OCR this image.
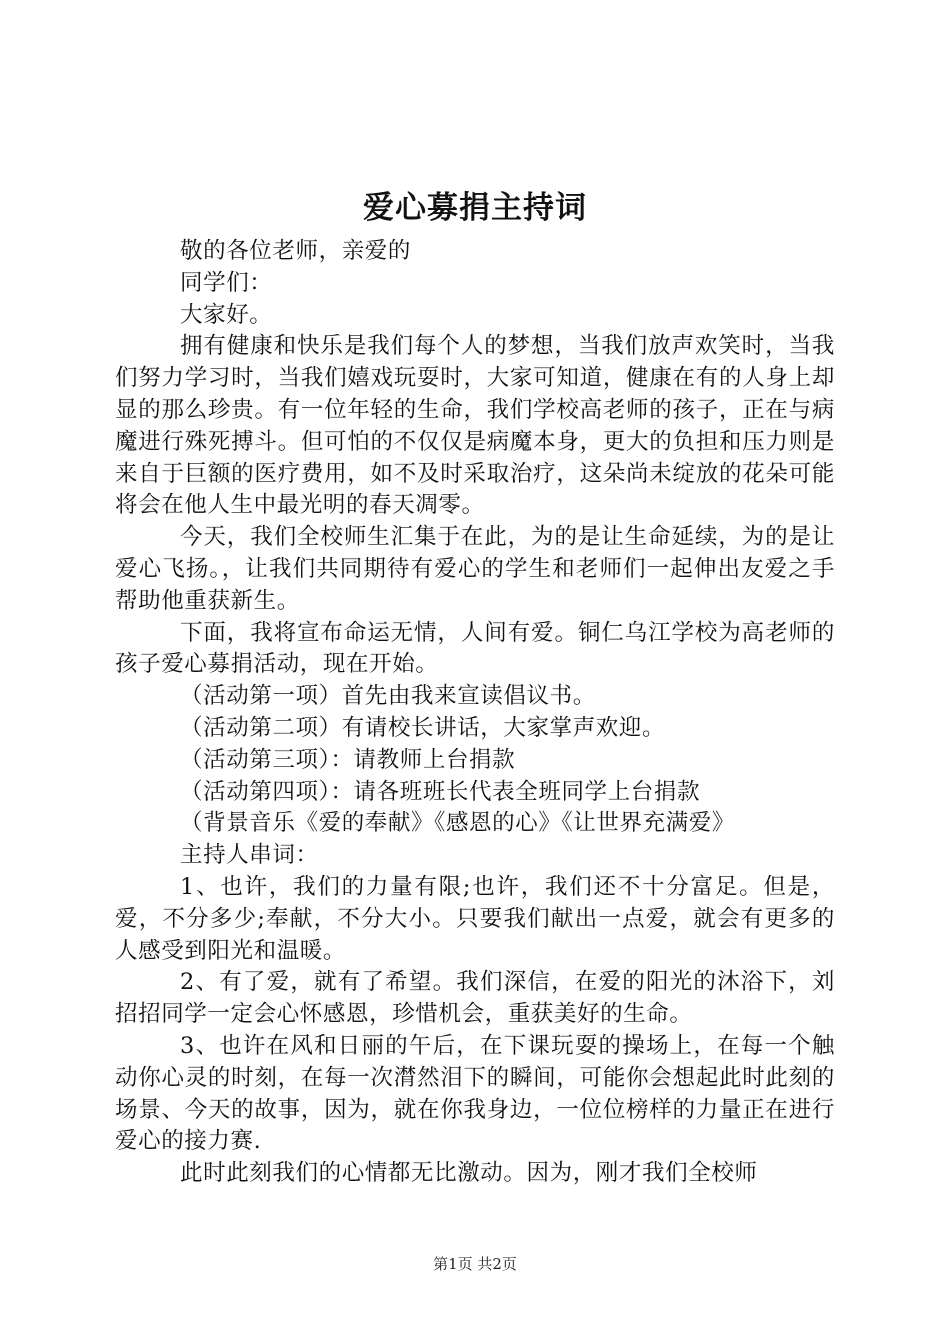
爱心募捐主持词

敬的各位老师，亲爱的

同学们：

大家好。

拥有健康和快乐是我们每个人的梦想，当我们放声欢笑时，当我们努力学习时，当我们嬉戏玩耍时，大家可知道，健康在有的人身上却显的那么珍贵。有一位年轻的生命，我们学校高老师的孩子，正在与病魔进行殊死搏斗。但可怕的不仅仅是病魔本身，更大的负担和压力则是来自于巨额的医疗费用，如不及时采取治疗，这朵尚未绽放的花朵可能将会在他人生中最光明的春天凋零。

今天，我们全校师生汇集于在此，为的是让生命延续，为的是让爱心飞扬。，让我们共同期待有爱心的学生和老师们一起伸出友爱之手帮助他重获新生。

下面，我将宣布命运无情，人间有爱。铜仁乌江学校为高老师的孩子爱心募捐活动，现在开始。

（活动第一项）首先由我来宣读倡议书。

（活动第二项）有请校长讲话，大家掌声欢迎。

（活动第三项）：请教师上台捐款

（活动第四项）：请各班班长代表全班同学上台捐款

（背景音乐《爱的奉献》《感恩的心》《让世界充满爱》

主持人串词：

1、也许，我们的力量有限;也许，我们还不十分富足。但是，爱，不分多少;奉献，不分大小。只要我们献出一点爱，就会有更多的人感受到阳光和温暖。

2、有了爱，就有了希望。我们深信，在爱的阳光的沐浴下，刘招招同学一定会心怀感恩，珍惜机会，重获美好的生命。

3、也许在风和日丽的午后，在下课玩耍的操场上，在每一个触动你心灵的时刻，在每一次潸然泪下的瞬间，可能你会想起此时此刻的场景、今天的故事，因为，就在你我身边，一位位榜样的力量正在进行爱心的接力赛.

此时此刻我们的心情都无比激动。因为，刚才我们全校师

第1页 共2页
